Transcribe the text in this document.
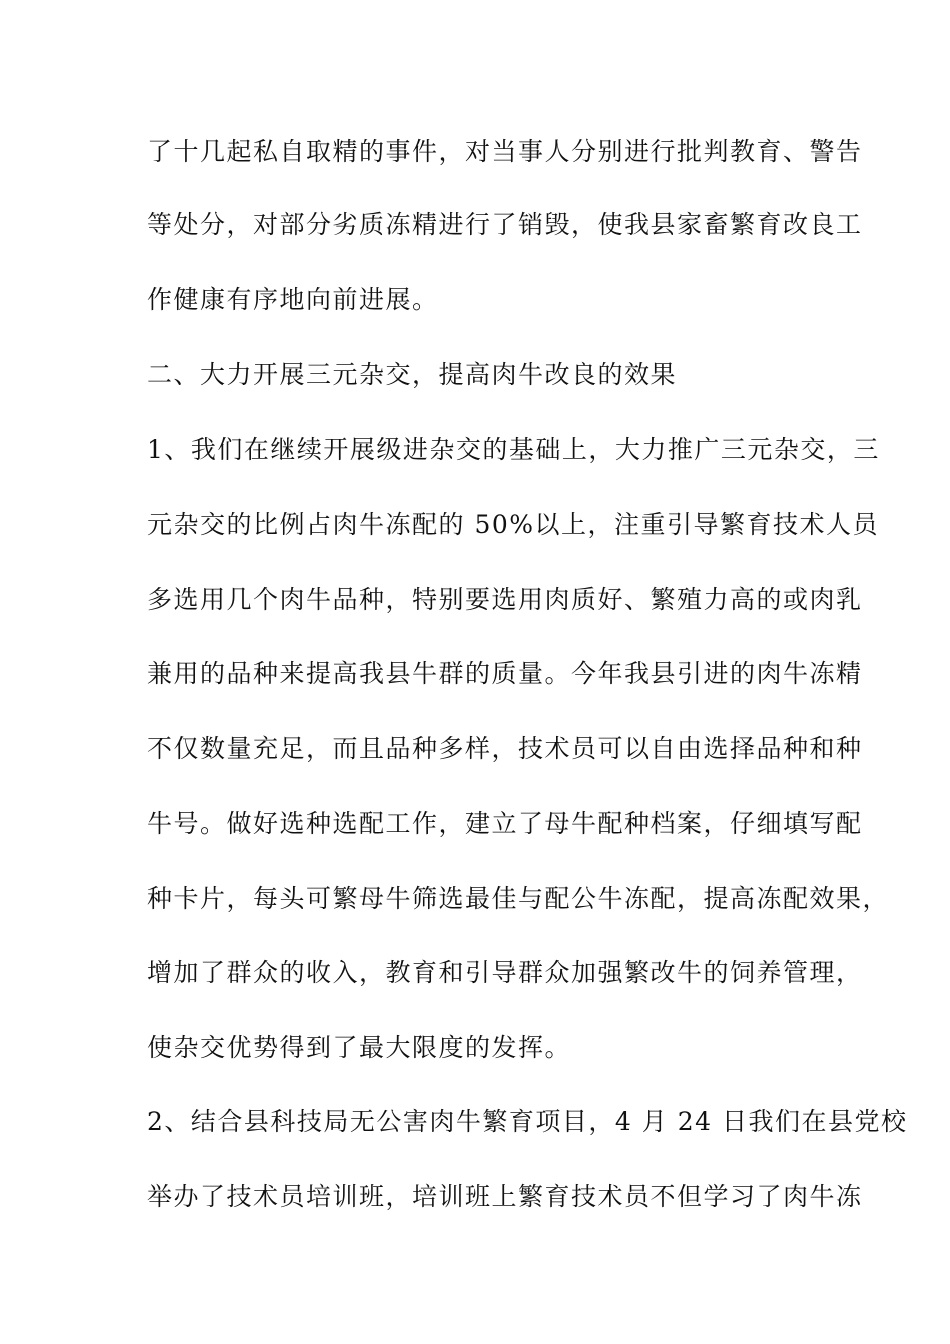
了十几起私自取精的事件，对当事人分别进行批判教育、警告
等处分，对部分劣质冻精进行了销毁，使我县家畜繁育改良工
作健康有序地向前进展。
二、大力开展三元杂交，提高肉牛改良的效果
1、我们在继续开展级进杂交的基础上，大力推广三元杂交，三
元杂交的比例占肉牛冻配的 50%以上，注重引导繁育技术人员
多选用几个肉牛品种，特别要选用肉质好、繁殖力高的或肉乳
兼用的品种来提高我县牛群的质量。今年我县引进的肉牛冻精
不仅数量充足，而且品种多样，技术员可以自由选择品种和种
牛号。做好选种选配工作，建立了母牛配种档案，仔细填写配
种卡片，每头可繁母牛筛选最佳与配公牛冻配，提高冻配效果，
增加了群众的收入，教育和引导群众加强繁改牛的饲养管理，
使杂交优势得到了最大限度的发挥。
2、结合县科技局无公害肉牛繁育项目，4 月 24 日我们在县党校
举办了技术员培训班，培训班上繁育技术员不但学习了肉牛冻
